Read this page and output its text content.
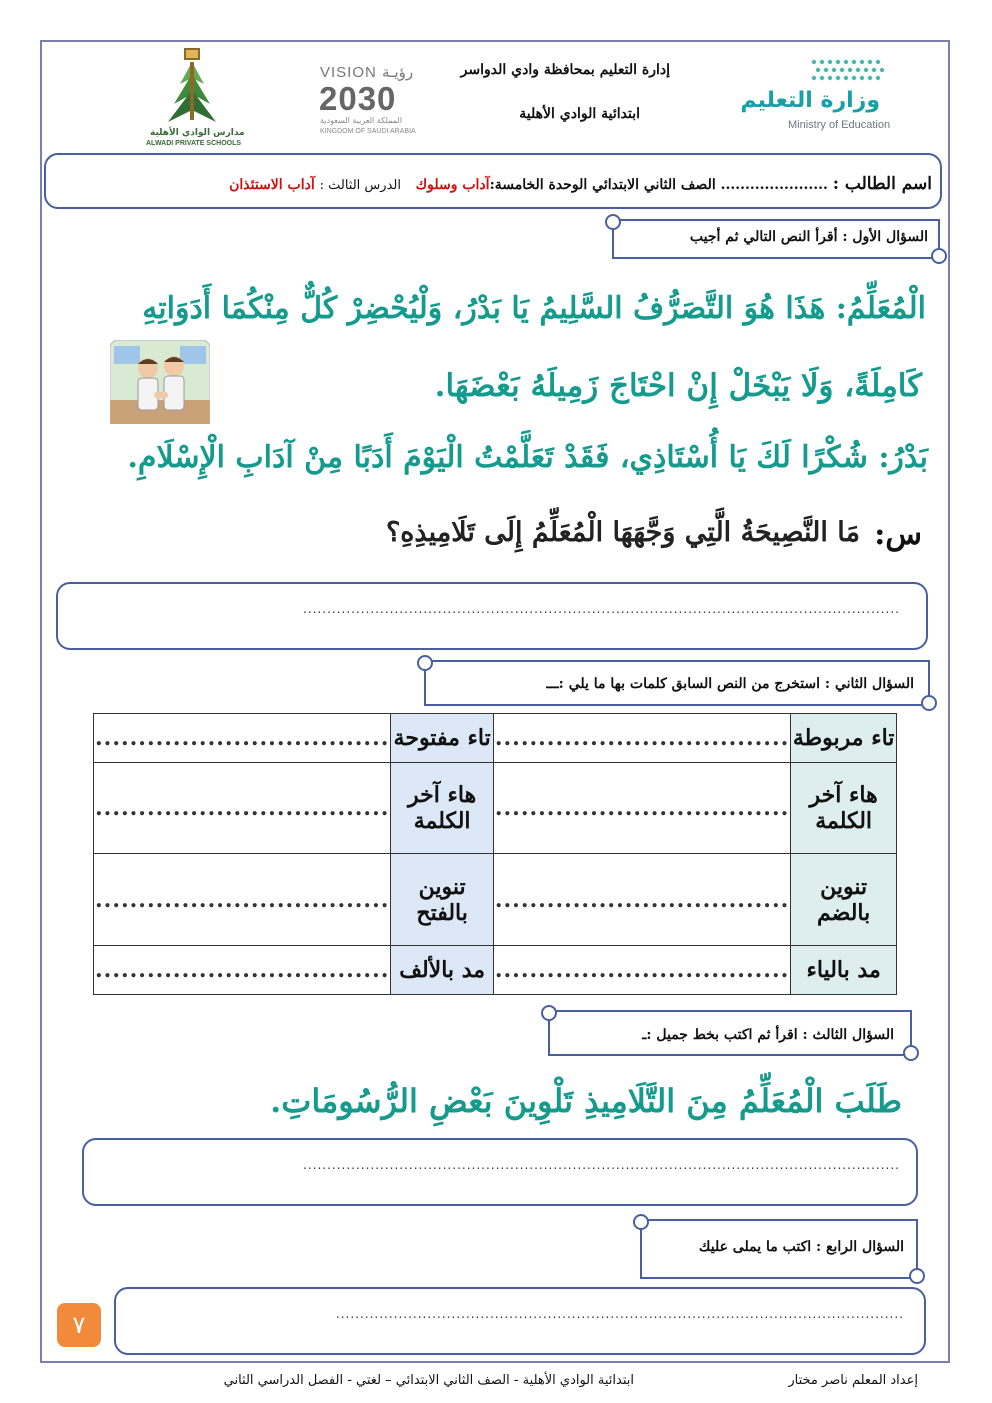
إدارة التعليم بمحافظة وادي الدواسر
ابتدائية الوادي الأهلية
وزارة التعليم
Ministry of Education
VISION رؤيـة
2030
المملكة العربية السعودية
KINGDOM OF SAUDI ARABIA
مدارس الوادي الأهلية
ALWADI PRIVATE SCHOOLS
اسم الطالب : ...................... الصف الثاني الابتدائي الوحدة الخامسة:آداب وسلوك   الدرس الثالث : آداب الاستئذان
السؤال الأول : أقرأ النص التالي ثم أجيب
الْمُعَلِّمُ: هَذَا هُوَ التَّصَرُّفُ السَّلِيمُ يَا بَدْرُ، وَلْيُحْضِرْ كُلٌّ مِنْكُمَا أَدَوَاتِهِ
كَامِلَةً، وَلَا يَبْخَلْ إِنْ احْتَاجَ زَمِيلَهُ بَعْضَهَا.
بَدْرُ: شُكْرًا لَكَ يَا أُسْتَاذِي، فَقَدْ تَعَلَّمْتُ الْيَوْمَ أَدَبًا مِنْ آدَابِ الْإِسْلَامِ.
س:
مَا النَّصِيحَةُ الَّتِي وَجَّهَهَا الْمُعَلِّمُ إِلَى تَلَامِيذِهِ؟
............................................................................................................................
السؤال الثاني : استخرج من النص السابق كلمات بها ما يلي :ـــ
تاء مربوطة	..................................	تاء مفتوحة	..................................
هاء آخر الكلمة	..................................	هاء آخر الكلمة	..................................
تنوين بالضم	..................................	تنوين بالفتح	..................................
مد بالياء	..................................	مد بالألف	..................................
السؤال الثالث : اقرأ ثم اكتب بخط جميل :ـ
طَلَبَ الْمُعَلِّمُ مِنَ التَّلَامِيذِ تَلْوِينَ بَعْضِ الرُّسُومَاتِ.
............................................................................................................................
السؤال الرابع : اكتب ما يملى عليك
......................................................................................................................
٧
إعداد المعلم ناصر مختار
ابتدائية الوادي الأهلية - الصف الثاني الابتدائي – لغتي - الفصل الدراسي الثاني
